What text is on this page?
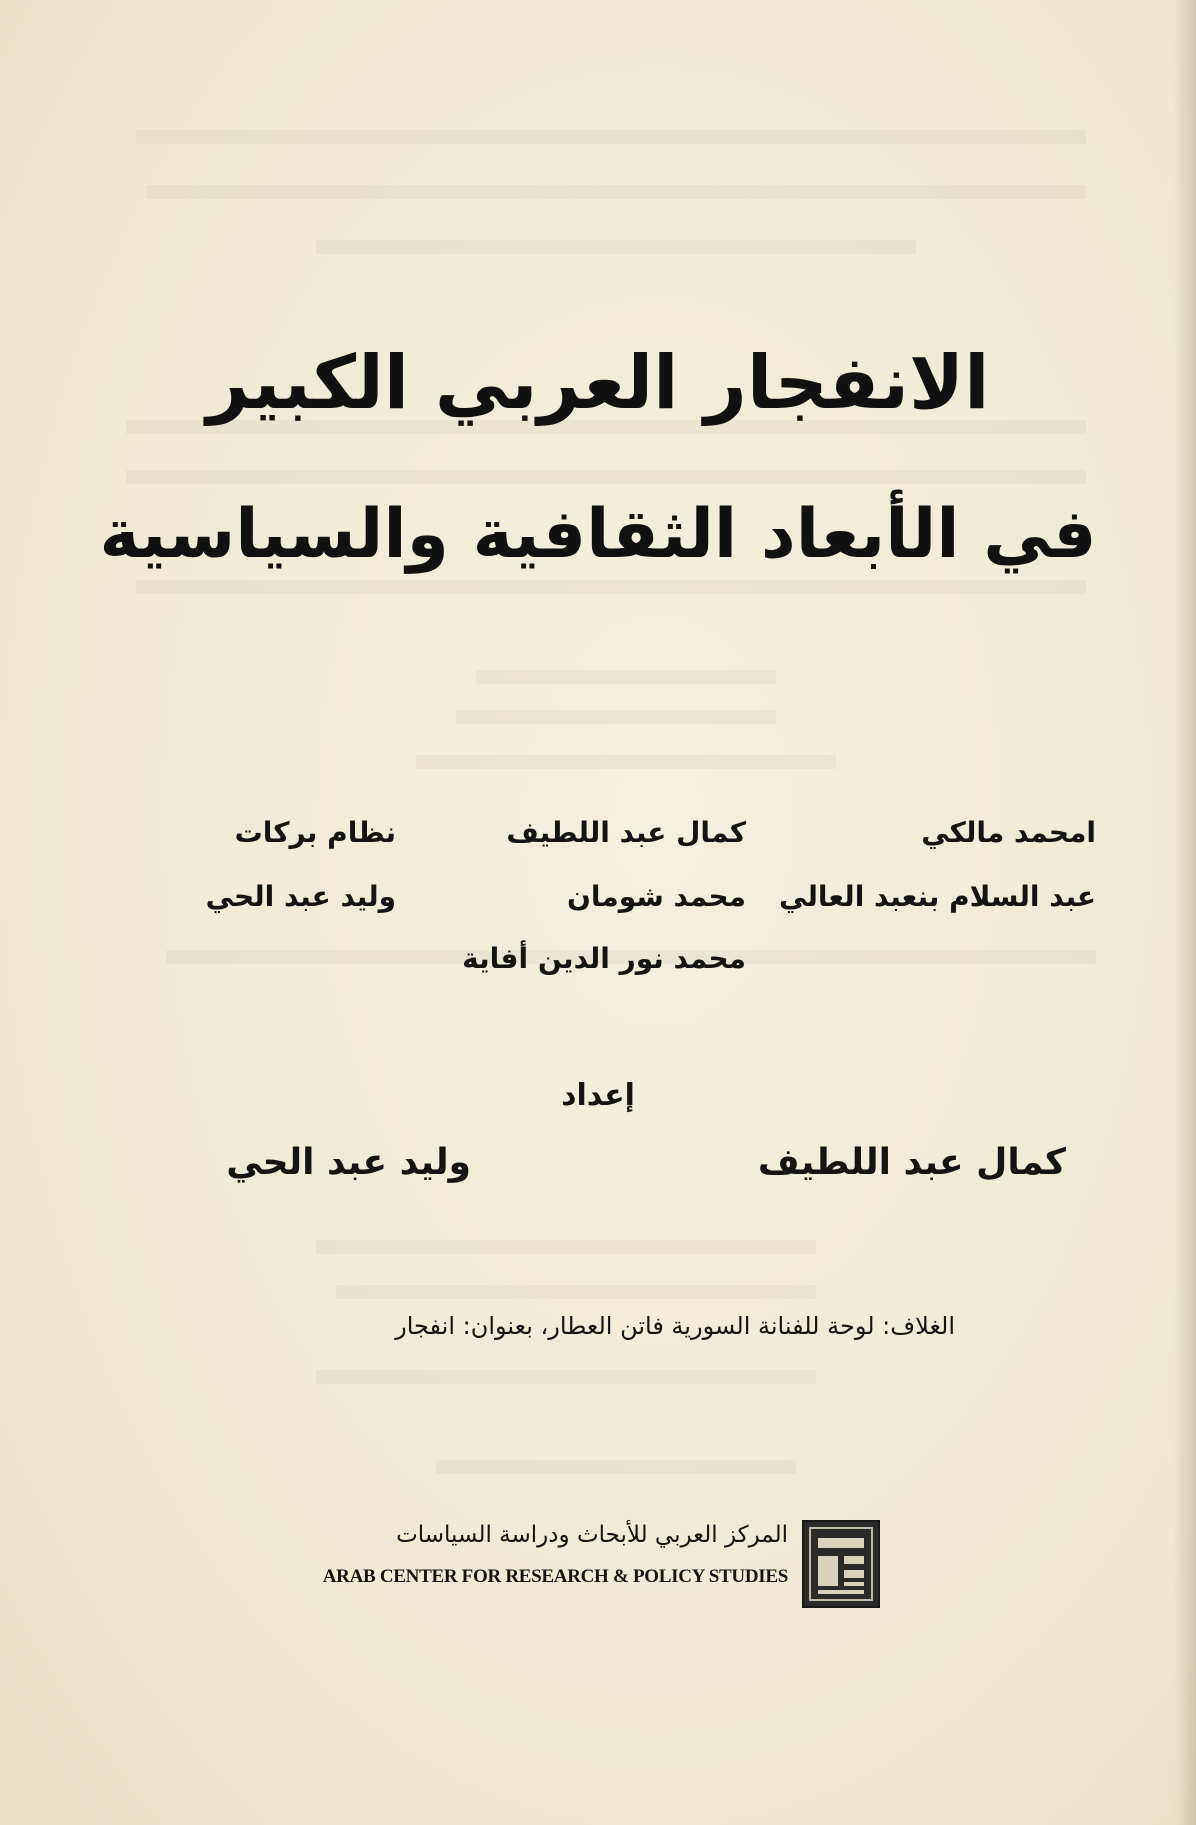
الانفجار العربي الكبير
في الأبعاد الثقافية والسياسية
امحمد مالكي
كمال عبد اللطيف
نظام بركات
عبد السلام بنعبد العالي
محمد شومان
وليد عبد الحي
محمد نور الدين أفاية
إعداد
كمال عبد اللطيف
وليد عبد الحي
الغلاف: لوحة للفنانة السورية فاتن العطار، بعنوان: انفجار
المركز العربي للأبحاث ودراسة السياسات
ARAB CENTER FOR RESEARCH & POLICY STUDIES
